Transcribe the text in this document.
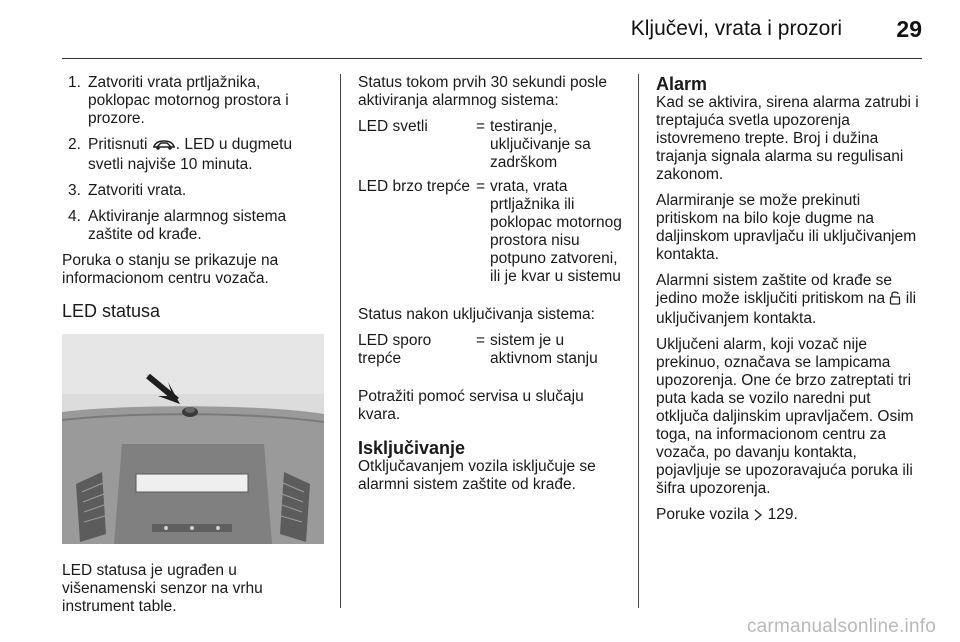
Ključevi, vrata i prozori 29
1. Zatvoriti vrata prtljažnika, poklopac motornog prostora i prozore.
2. Pritisnuti . LED u dugmetu svetli najviše 10 minuta.
3. Zatvoriti vrata.
4. Aktiviranje alarmnog sistema zaštite od krađe.

Poruka o stanju se prikazuje na informacionom centru vozača.

LED statusa

LED statusa je ugrađen u višenamenski senzor na vrhu instrument table.

Status tokom prvih 30 sekundi posle aktiviranja alarmnog sistema:

LED svetli	=	testiranje, uključivanje sa zadrškom
LED brzo trepće	=	vrata, vrata prtljažnika ili poklopac motornog prostora nisu potpuno zatvoreni, ili je kvar u sistemu

Status nakon uključivanja sistema:

LED sporo trepće	=	sistem je u aktivnom stanju

Potražiti pomoć servisa u slučaju kvara.

Isključivanje

Otključavanjem vozila isključuje se alarmni sistem zaštite od krađe.

Alarm

Kad se aktivira, sirena alarma zatrubi i treptajuća svetla upozorenja istovremeno trepte. Broj i dužina trajanja signala alarma su regulisani zakonom.

Alarmiranje se može prekinuti pritiskom na bilo koje dugme na daljinskom upravljaču ili uključivanjem kontakta.

Alarmni sistem zaštite od krađe se jedino može isključiti pritiskom na  ili uključivanjem kontakta.

Uključeni alarm, koji vozač nije prekinuo, označava se lampicama upozorenja. One će brzo zatreptati tri puta kada se vozilo naredni put otključa daljinskim upravljačem. Osim toga, na informacionom centru za vozača, po davanju kontakta, pojavljuje se upozoravajuća poruka ili šifra upozorenja.

Poruke vozila  129.

carmanualsonline.info
